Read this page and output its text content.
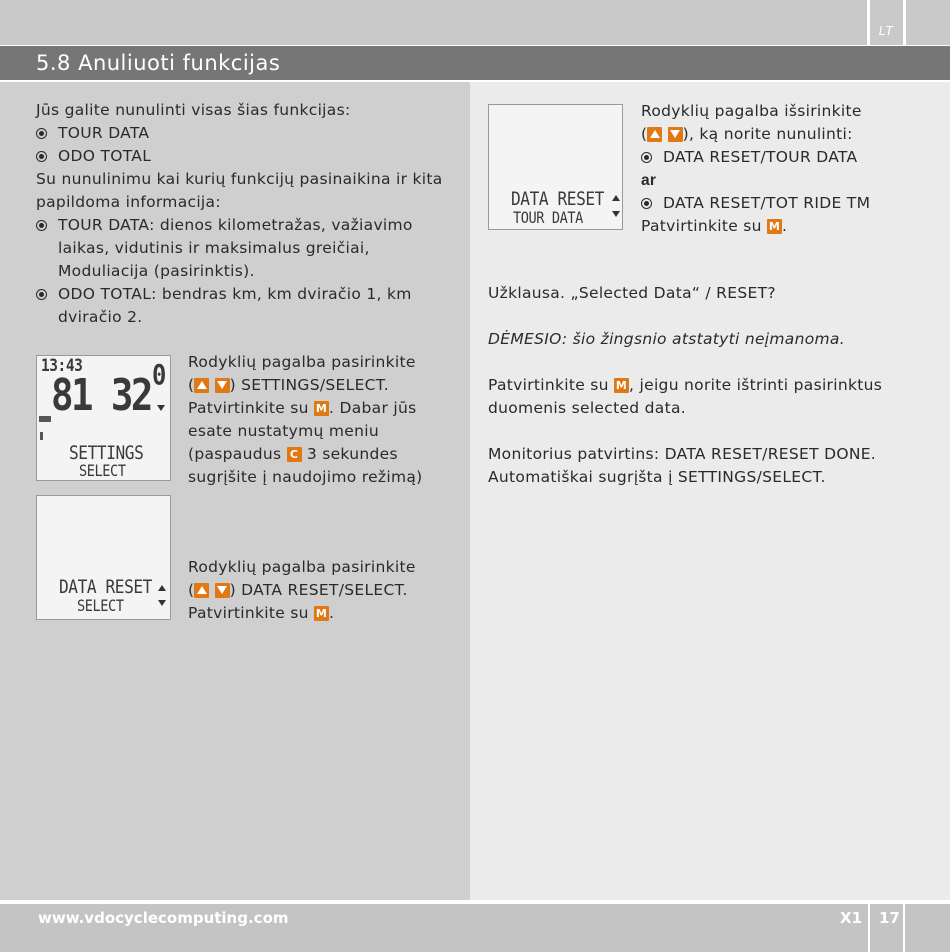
LT
5.8 Anuliuoti funkcijas

Jūs galite nunulinti visas šias funkcijas:

TOUR DATA
ODO TOTAL

Su nunulinimu kai kurių funkcijų pasinaikina ir kita papildoma informacija:

TOUR DATA: dienos kilometražas, važiavimo laikas, vidutinis ir maksimalus greičiai, Moduliacija (pasirinktis).
ODO TOTAL: bendras km, km dviračio 1, km dviračio 2.
13:43
81 32 0
SETTINGS
SELECT

Rodyklių pagalba pasirinkite

( ) SETTINGS/SELECT.

Patvirtinkite su M . Dabar jūs

esate nustatymų meniu

(paspaudus C 3 sekundes

sugrįšite į naudojimo režimą)

DATA RESET
SELECT

Rodyklių pagalba pasirinkite

( ) DATA RESET/SELECT.

Patvirtinkite su M .

DATA RESET
TOUR DATA

Rodyklių pagalba išsirinkite

( ), ką norite nunulinti:

DATA RESET/TOUR DATA

ar

DATA RESET/TOT RIDE TM

Patvirtinkite su M .

Užklausa. „Selected Data“ / RESET?

DĖMESIO: šio žingsnio atstatyti neįmanoma.

Patvirtinkite su M , jeigu norite ištrinti pasirinktus duomenis selected data.

Monitorius patvirtins: DATA RESET/RESET DONE.

Automatiškai sugrįšta į SETTINGS/SELECT.

www.vdocyclecomputing.com	X1 17
